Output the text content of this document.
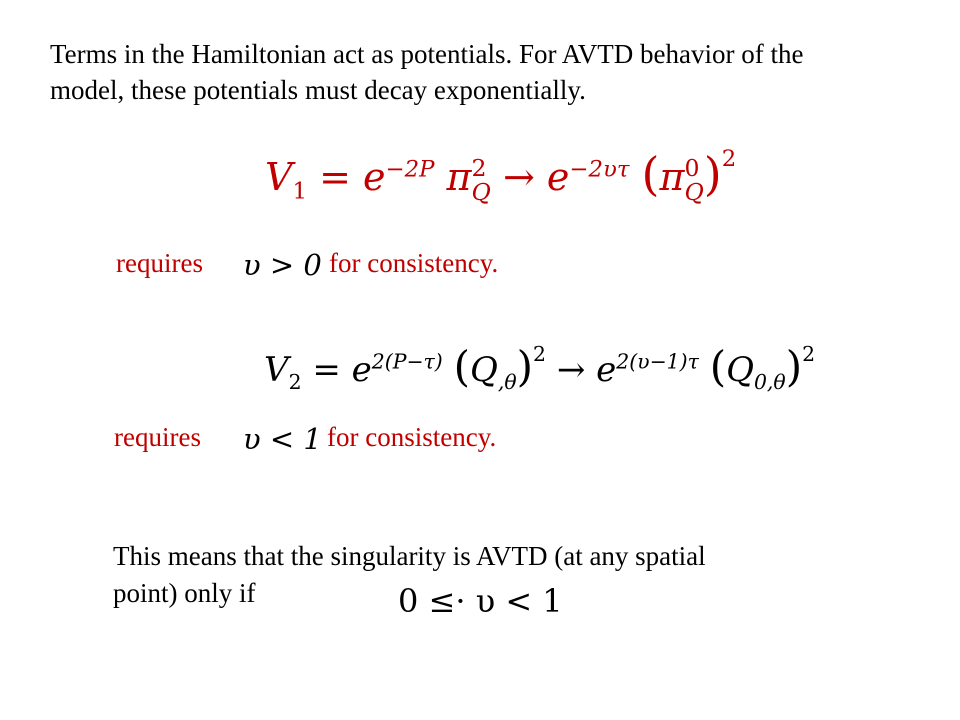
Terms in the Hamiltonian act as potentials. For AVTD behavior of the model, these potentials must decay exponentially.

$V_1 = e^{-2P}$ π 2
$Q \to e^{-2\upsilon\tau}$ (π 0
Q )$^2$
requires υ > 0 for consistency.
$V_2 = e^{2(P-\tau)}$ $(Q_{,\theta})^2 \to e^{2(\upsilon-1)\tau}$ $(Q_{0,\theta})^2$
requires υ < 1 for consistency.

This means that the singularity is AVTD (at any spatial

point) only if	0 ≤· υ < 1
